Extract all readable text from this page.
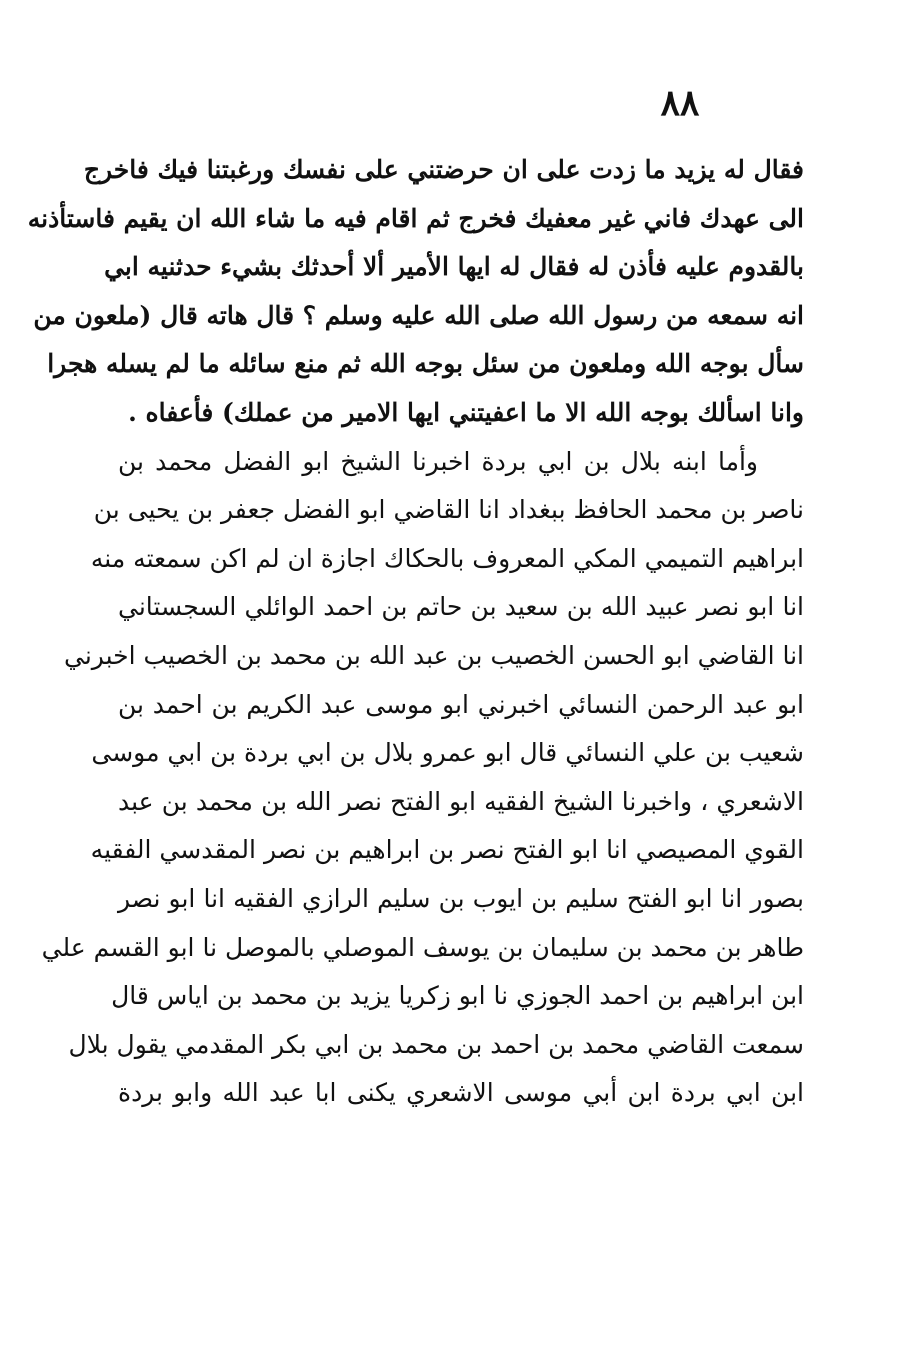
٨٨
فقال له يزيد ما زدت على ان حرضتني على نفسك ورغبتنا فيك فاخرج
الى عهدك فاني غير معفيك فخرج ثم اقام فيه ما شاء الله ان يقيم فاستأذنه
بالقدوم عليه فأذن له فقال له ايها الأمير ألا أحدثك بشيء حدثنيه ابي
انه سمعه من رسول الله صلى الله عليه وسلم ؟ قال هاته قال (ملعون من
سأل بوجه الله وملعون من سئل بوجه الله ثم منع سائله ما لم يسله هجرا
وانا اسألك بوجه الله الا ما اعفيتني ايها الامير من عملك) فأعفاه .
وأما ابنه بلال بن ابي بردة اخبرنا الشيخ ابو الفضل محمد بن
ناصر بن محمد الحافظ ببغداد انا القاضي ابو الفضل جعفر بن يحيى بن
ابراهيم التميمي المكي المعروف بالحكاك اجازة ان لم اكن سمعته منه
انا ابو نصر عبيد الله بن سعيد بن حاتم بن احمد الوائلي السجستاني
انا القاضي ابو الحسن الخصيب بن عبد الله بن محمد بن الخصيب اخبرني
ابو عبد الرحمن النسائي اخبرني ابو موسى عبد الكريم بن احمد بن
شعيب بن علي النسائي قال ابو عمرو بلال بن ابي بردة بن ابي موسى
الاشعري ، واخبرنا الشيخ الفقيه ابو الفتح نصر الله بن محمد بن عبد
القوي المصيصي انا ابو الفتح نصر بن ابراهيم بن نصر المقدسي الفقيه
بصور انا ابو الفتح سليم بن ايوب بن سليم الرازي الفقيه انا ابو نصر
طاهر بن محمد بن سليمان بن يوسف الموصلي بالموصل نا ابو القسم علي
ابن ابراهيم بن احمد الجوزي نا ابو زكريا يزيد بن محمد بن اياس قال
سمعت القاضي محمد بن احمد بن محمد بن ابي بكر المقدمي يقول بلال
ابن ابي بردة ابن أبي موسى الاشعري يكنى ابا عبد الله وابو بردة
